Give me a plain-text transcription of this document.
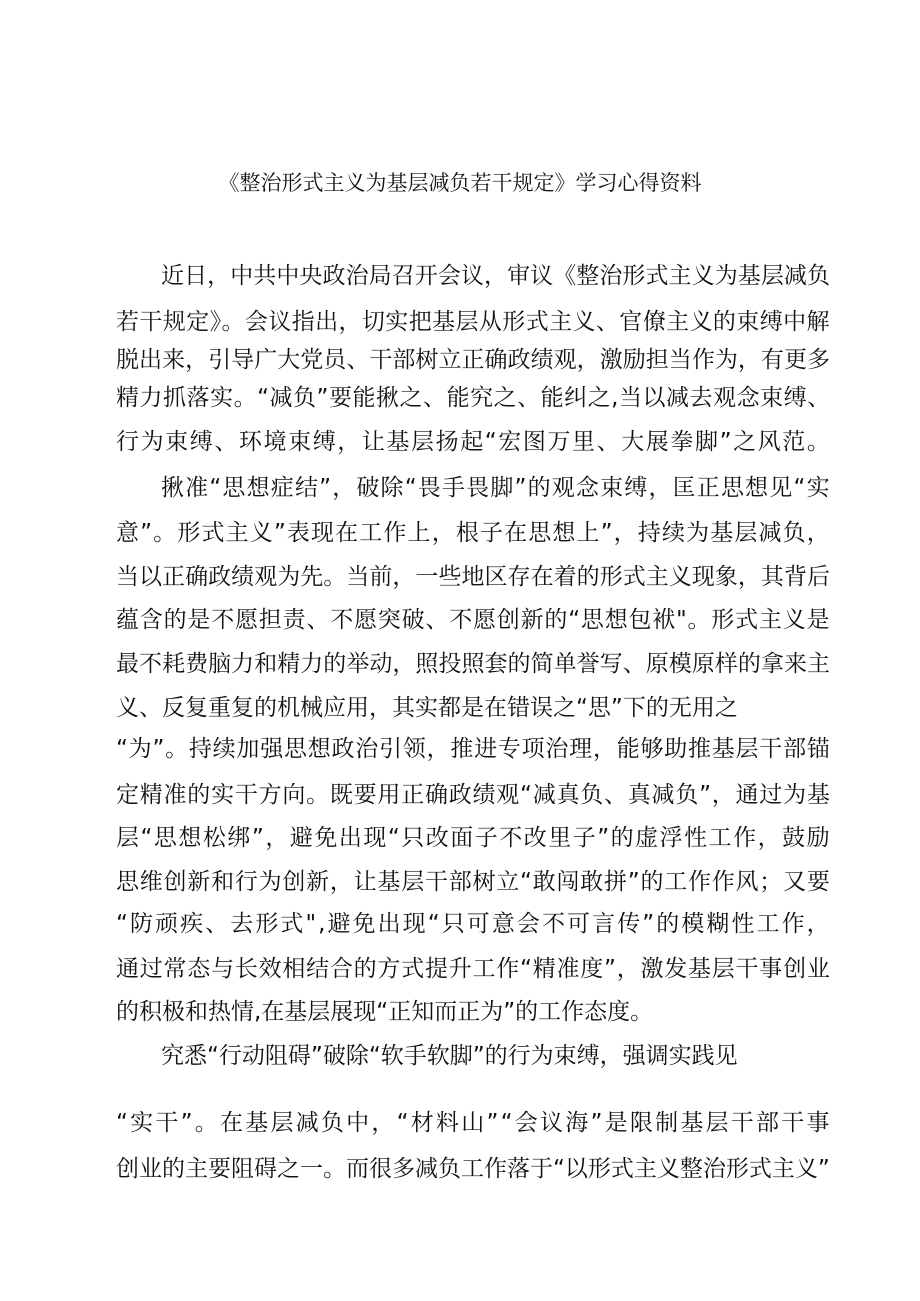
《整治形式主义为基层减负若干规定》学习心得资料
近日，中共中央政治局召开会议，审议《整治形式主义为基层减负
若干规定》。会议指出，切实把基层从形式主义、官僚主义的束缚中解
脱出来，引导广大党员、干部树立正确政绩观，激励担当作为，有更多
精力抓落实。“减负”要能揪之、能究之、能纠之,当以减去观念束缚、
行为束缚、环境束缚，让基层扬起“宏图万里、大展拳脚”之风范。
揪准“思想症结”，破除“畏手畏脚”的观念束缚，匡正思想见“实
意”。形式主义”表现在工作上，根子在思想上”，持续为基层减负，
当以正确政绩观为先。当前，一些地区存在着的形式主义现象，其背后
蕴含的是不愿担责、不愿突破、不愿创新的“思想包袱"。形式主义是
最不耗费脑力和精力的举动，照投照套的简单誉写、原模原样的拿来主
义、反复重复的机械应用，其实都是在错误之“思”下的无用之
“为”。持续加强思想政治引领，推进专项治理，能够助推基层干部锚
定精准的实干方向。既要用正确政绩观“减真负、真减负”，通过为基
层“思想松绑”，避免出现“只改面子不改里子”的虚浮性工作，鼓励
思维创新和行为创新，让基层干部树立“敢闯敢拼”的工作作风；又要
“防顽疾、去形式",避免出现“只可意会不可言传”的模糊性工作，
通过常态与长效相结合的方式提升工作“精准度”，激发基层干事创业
的积极和热情,在基层展现“正知而正为”的工作态度。
究悉“行动阻碍”破除“软手软脚”的行为束缚，强调实践见
“实干”。在基层减负中，“材料山”“会议海”是限制基层干部干事
创业的主要阻碍之一。而很多减负工作落于“以形式主义整治形式主义”
